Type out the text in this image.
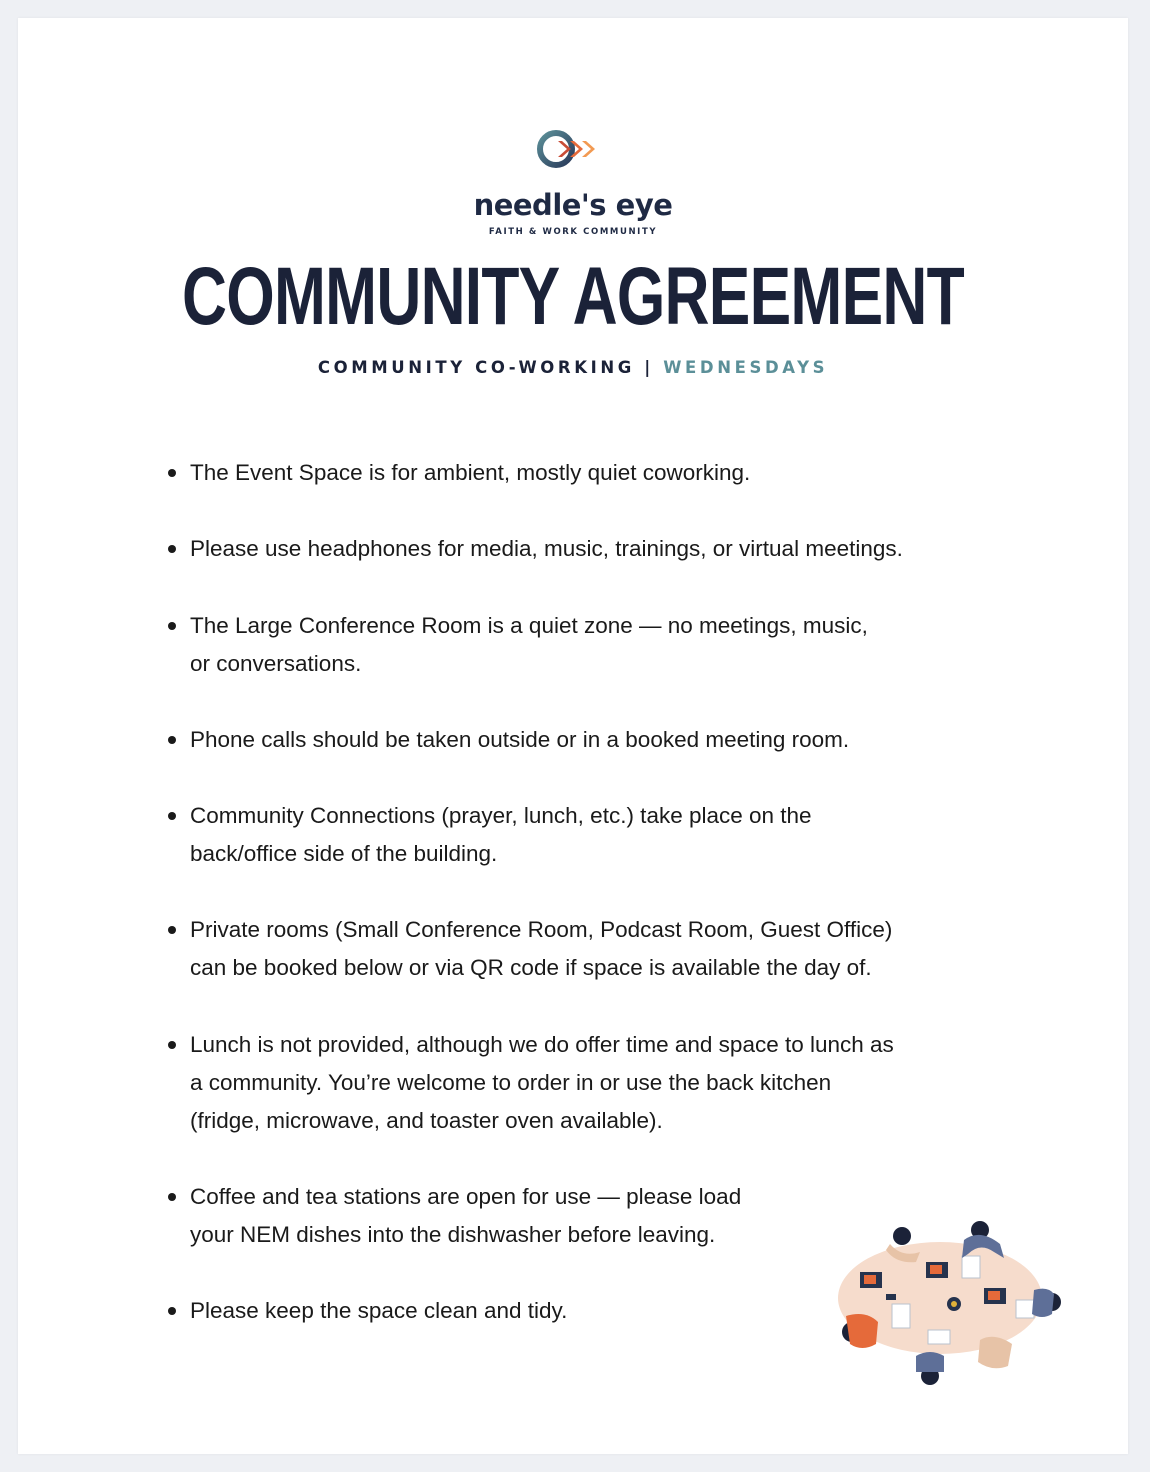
needle's eye
FAITH & WORK COMMUNITY
COMMUNITY AGREEMENT
COMMUNITY CO-WORKING | WEDNESDAYS
The Event Space is for ambient, mostly quiet coworking.
Please use headphones for media, music, trainings, or virtual meetings.
The Large Conference Room is a quiet zone — no meetings, music,
or conversations.
Phone calls should be taken outside or in a booked meeting room.
Community Connections (prayer, lunch, etc.) take place on the
back/office side of the building.
Private rooms (Small Conference Room, Podcast Room, Guest Office)
can be booked below or via QR code if space is available the day of.
Lunch is not provided, although we do offer time and space to lunch as
a community. You’re welcome to order in or use the back kitchen
(fridge, microwave, and toaster oven available).
Coffee and tea stations are open for use — please load
your NEM dishes into the dishwasher before leaving.
Please keep the space clean and tidy.
